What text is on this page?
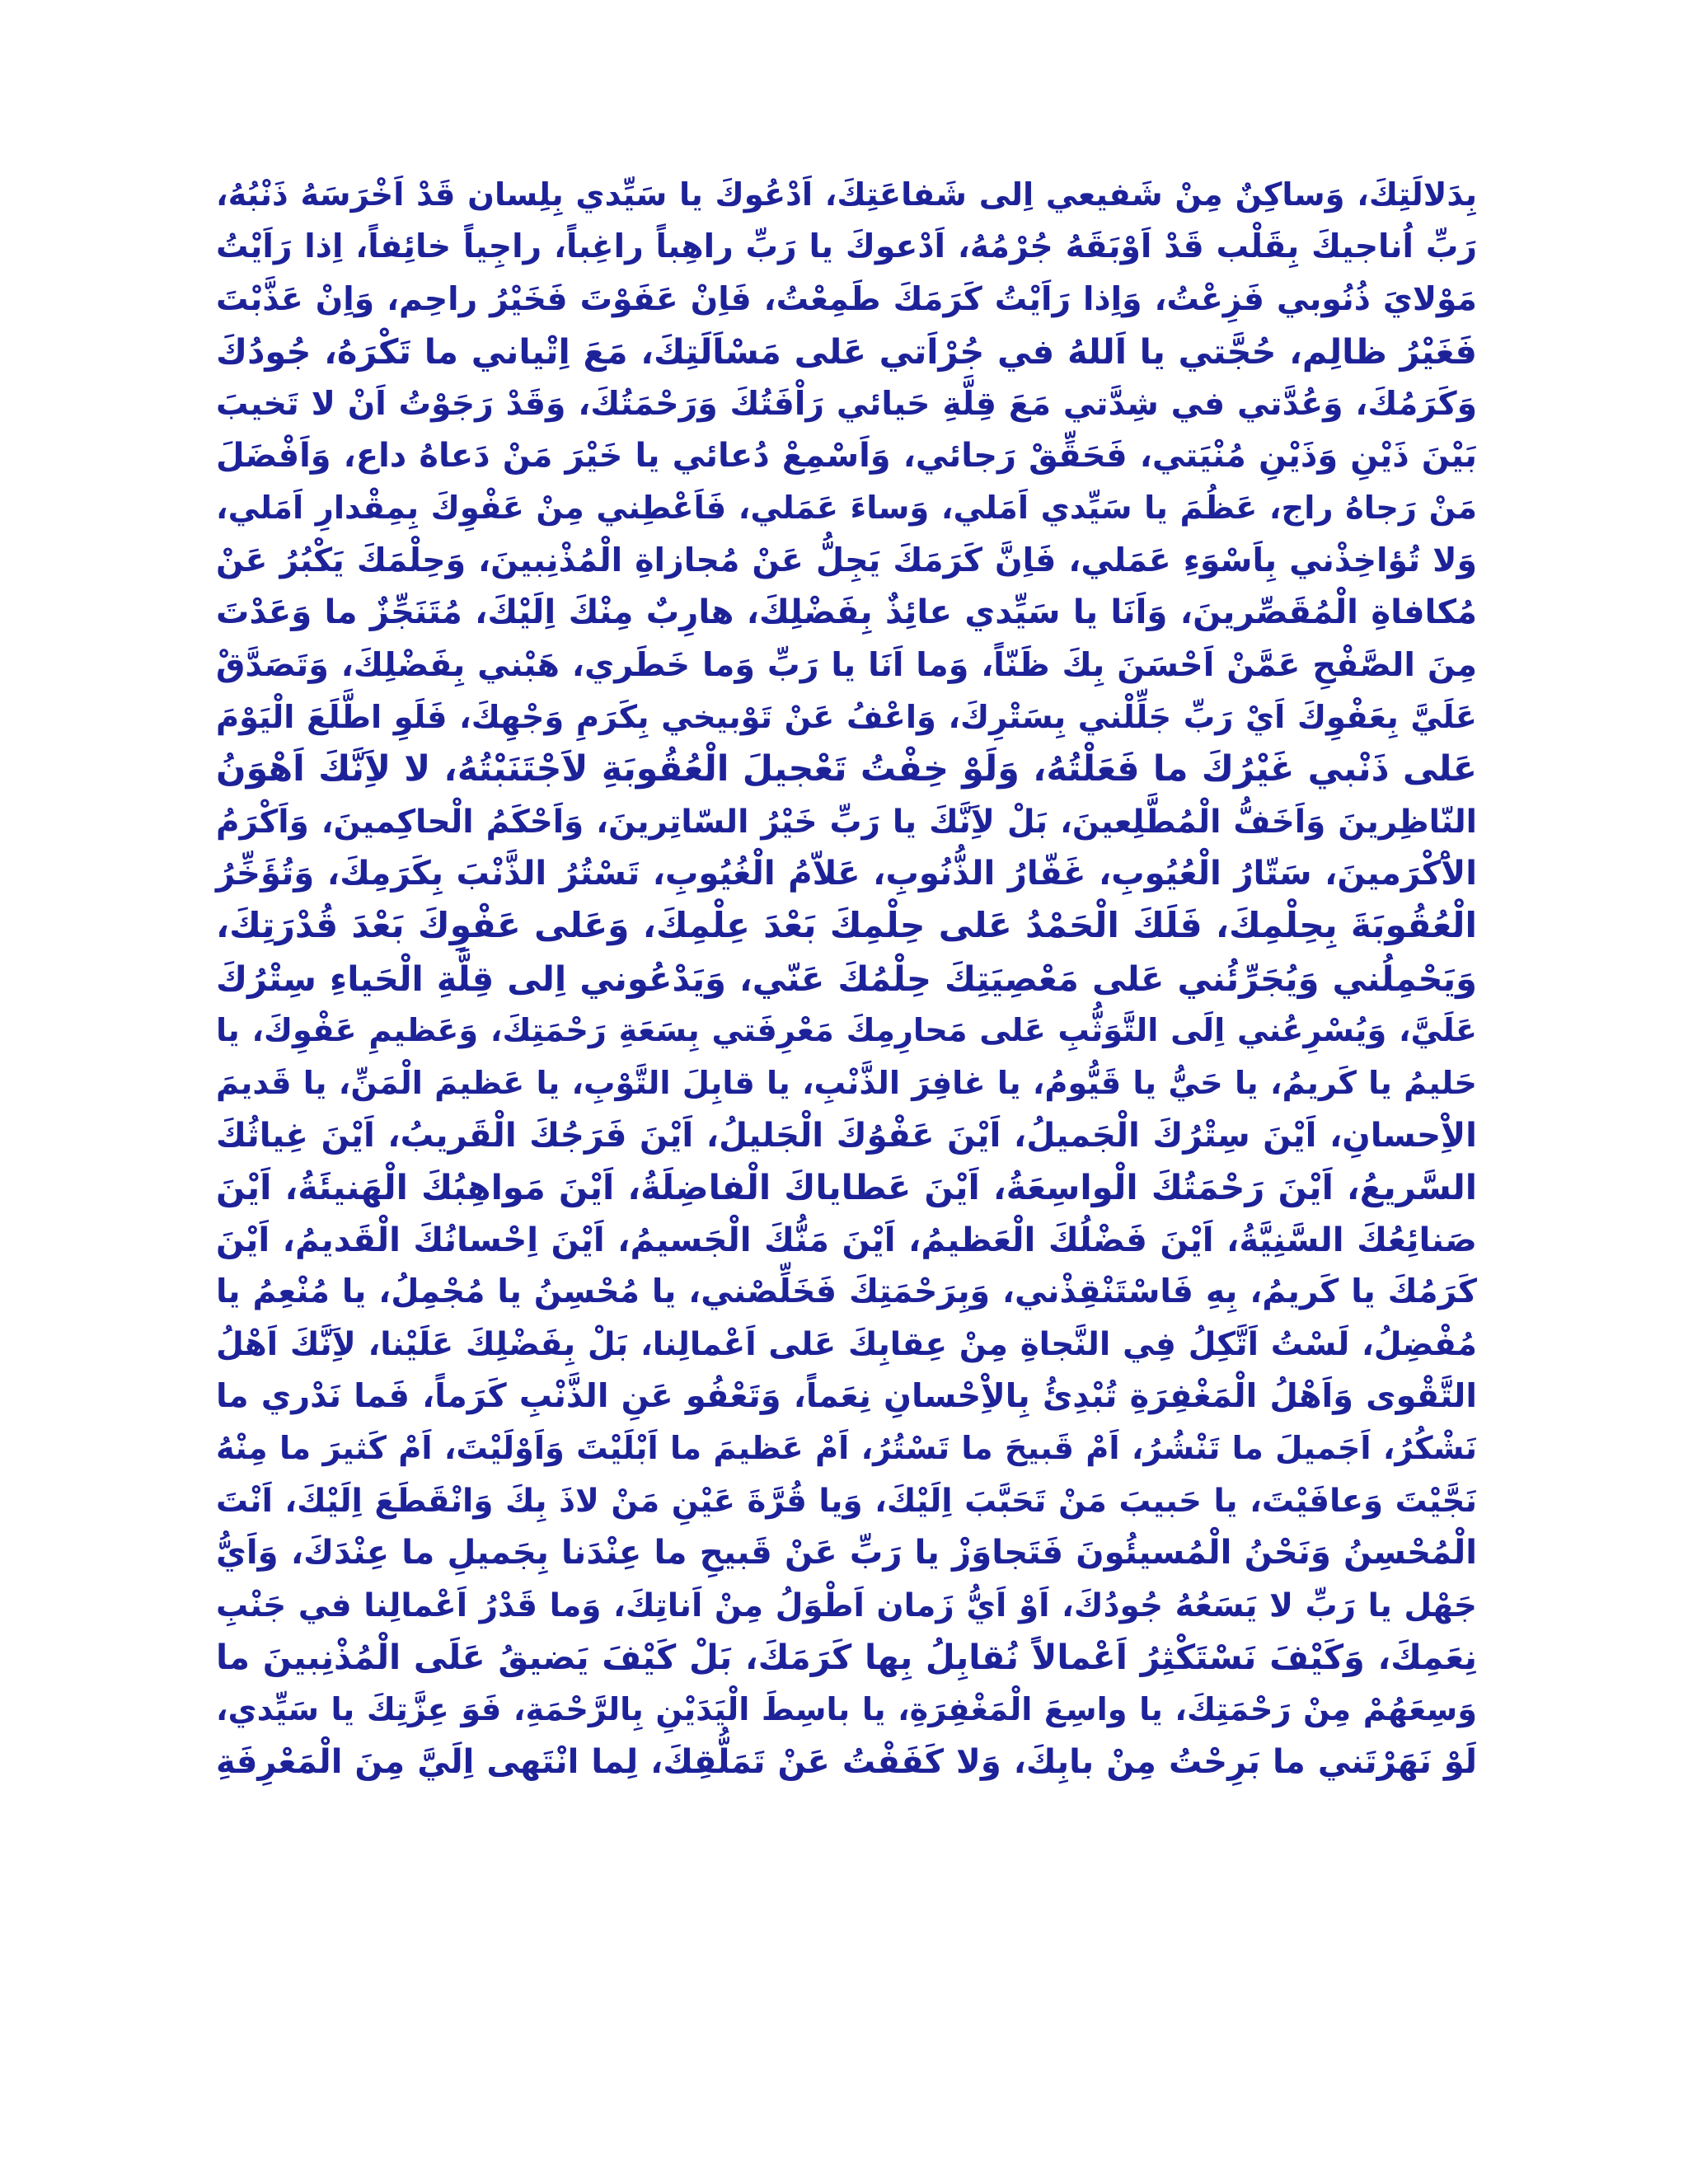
بِدَلالَتِكَ، وَساكِنٌ مِنْ شَفيعي اِلى شَفاعَتِكَ، اَدْعُوكَ يا سَيِّدي بِلِسان قَدْ اَخْرَسَهُ ذَنْبُهُ،
رَبِّ اُناجيكَ بِقَلْب قَدْ اَوْبَقَهُ جُرْمُهُ، اَدْعوكَ يا رَبِّ راهِباً راغِباً، راجِياً خائِفاً، اِذا رَاَيْتُ
مَوْلايَ ذُنُوبي فَزِعْتُ، وَاِذا رَاَيْتُ كَرَمَكَ طَمِعْتُ، فَاِنْ عَفَوْتَ فَخَيْرُ راحِم، وَاِنْ عَذَّبْتَ
فَغَيْرُ ظالِم، حُجَّتي يا اَللهُ في جُرْاَتي عَلى مَسْاَلَتِكَ، مَعَ اِتْياني ما تَكْرَهُ، جُودُكَ
وَكَرَمُكَ، وَعُدَّتي في شِدَّتي مَعَ قِلَّةِ حَيائي رَاْفَتُكَ وَرَحْمَتُكَ، وَقَدْ رَجَوْتُ اَنْ لا تَخيبَ
بَيْنَ ذَيْنِ وَذَيْنِ مُنْيَتي، فَحَقِّقْ رَجائي، وَاَسْمِعْ دُعائي يا خَيْرَ مَنْ دَعاهُ داع، وَاَفْضَلَ
مَنْ رَجاهُ راج، عَظُمَ يا سَيِّدي اَمَلي، وَساءَ عَمَلي، فَاَعْطِني مِنْ عَفْوِكَ بِمِقْدارِ اَمَلي،
وَلا تُؤاخِذْني بِاَسْوَءِ عَمَلي، فَاِنَّ كَرَمَكَ يَجِلُّ عَنْ مُجازاةِ الْمُذْنِبينَ، وَحِلْمَكَ يَكْبُرُ عَنْ
مُكافاةِ الْمُقَصِّرينَ، وَاَنَا يا سَيِّدي عائِذٌ بِفَضْلِكَ، هارِبٌ مِنْكَ اِلَيْكَ، مُتَنَجِّزٌ ما وَعَدْتَ
مِنَ الصَّفْحِ عَمَّنْ اَحْسَنَ بِكَ ظَنّاً، وَما اَنَا يا رَبِّ وَما خَطَري، هَبْني بِفَضْلِكَ، وَتَصَدَّقْ
عَلَيَّ بِعَفْوِكَ اَيْ رَبِّ جَلِّلْني بِسَتْرِكَ، وَاعْفُ عَنْ تَوْبيخي بِكَرَمِ وَجْهِكَ، فَلَوِ اطَّلَعَ الْيَوْمَ
عَلى ذَنْبي غَيْرُكَ ما فَعَلْتُهُ، وَلَوْ خِفْتُ تَعْجيلَ الْعُقُوبَةِ لاَجْتَنَبْتُهُ، لا لاَِنَّكَ اَهْوَنُ
النّاظِرينَ وَاَخَفُّ الْمُطَّلِعينَ، بَلْ لاَِنَّكَ يا رَبِّ خَيْرُ السّاتِرينَ، وَاَحْكَمُ الْحاكِمينَ، وَاَكْرَمُ
الاَْكْرَمينَ، سَتّارُ الْعُيُوبِ، غَفّارُ الذُّنُوبِ، عَلاّمُ الْغُيُوبِ، تَسْتُرُ الذَّنْبَ بِكَرَمِكَ، وَتُؤَخِّرُ
الْعُقُوبَةَ بِحِلْمِكَ، فَلَكَ الْحَمْدُ عَلى حِلْمِكَ بَعْدَ عِلْمِكَ، وَعَلى عَفْوِكَ بَعْدَ قُدْرَتِكَ،
وَيَحْمِلُني وَيُجَرِّئُني عَلى مَعْصِيَتِكَ حِلْمُكَ عَنّي، وَيَدْعُوني اِلى قِلَّةِ الْحَياءِ سِتْرُكَ
عَلَيَّ، وَيُسْرِعُني اِلَى التَّوَثُّبِ عَلى مَحارِمِكَ مَعْرِفَتي بِسَعَةِ رَحْمَتِكَ، وَعَظيمِ عَفْوِكَ، يا
حَليمُ يا كَريمُ، يا حَيُّ يا قَيُّومُ، يا غافِرَ الذَّنْبِ، يا قابِلَ التَّوْبِ، يا عَظيمَ الْمَنِّ، يا قَديمَ
الاِْحسانِ، اَيْنَ سِتْرُكَ الْجَميلُ، اَيْنَ عَفْوُكَ الْجَليلُ، اَيْنَ فَرَجُكَ الْقَريبُ، اَيْنَ غِياثُكَ
السَّريعُ، اَيْنَ رَحْمَتُكَ الْواسِعَةُ، اَيْنَ عَطاياكَ الْفاضِلَةُ، اَيْنَ مَواهِبُكَ الْهَنيئَةُ، اَيْنَ
صَنائِعُكَ السَّنِيَّةُ، اَيْنَ فَضْلُكَ الْعَظيمُ، اَيْنَ مَنُّكَ الْجَسيمُ، اَيْنَ اِحْسانُكَ الْقَديمُ، اَيْنَ
كَرَمُكَ يا كَريمُ، بِهِ فَاسْتَنْقِذْني، وَبِرَحْمَتِكَ فَخَلِّصْني، يا مُحْسِنُ يا مُجْمِلُ، يا مُنْعِمُ يا
مُفْضِلُ، لَسْتُ اَتَّكِلُ فِي النَّجاةِ مِنْ عِقابِكَ عَلى اَعْمالِنا، بَلْ بِفَضْلِكَ عَلَيْنا، لاَِنَّكَ اَهْلُ
التَّقْوى وَاَهْلُ الْمَغْفِرَةِ تُبْدِئُ بِالاِْحْسانِ نِعَماً، وَتَعْفُو عَنِ الذَّنْبِ كَرَماً، فَما نَدْري ما
نَشْكُرُ، اَجَميلَ ما تَنْشُرُ، اَمْ قَبيحَ ما تَسْتُرُ، اَمْ عَظيمَ ما اَبْلَيْتَ وَاَوْلَيْتَ، اَمْ كَثيرَ ما مِنْهُ
نَجَّيْتَ وَعافَيْتَ، يا حَبيبَ مَنْ تَحَبَّبَ اِلَيْكَ، وَيا قُرَّةَ عَيْنِ مَنْ لاذَ بِكَ وَانْقَطَعَ اِلَيْكَ، اَنْتَ
الْمُحْسِنُ وَنَحْنُ الْمُسيئُونَ فَتَجاوَزْ يا رَبِّ عَنْ قَبيحِ ما عِنْدَنا بِجَميلِ ما عِنْدَكَ، وَاَيُّ
جَهْل يا رَبِّ لا يَسَعُهُ جُودُكَ، اَوْ اَيُّ زَمان اَطْوَلُ مِنْ اَناتِكَ، وَما قَدْرُ اَعْمالِنا في جَنْبِ
نِعَمِكَ، وَكَيْفَ نَسْتَكْثِرُ اَعْمالاً نُقابِلُ بِها كَرَمَكَ، بَلْ كَيْفَ يَضيقُ عَلَى الْمُذْنِبينَ ما
وَسِعَهُمْ مِنْ رَحْمَتِكَ، يا واسِعَ الْمَغْفِرَةِ، يا باسِطَ الْيَدَيْنِ بِالرَّحْمَةِ، فَوَ عِزَّتِكَ يا سَيِّدي،
لَوْ نَهَرْتَني ما بَرِحْتُ مِنْ بابِكَ، وَلا كَفَفْتُ عَنْ تَمَلُّقِكَ، لِما انْتَهى اِلَيَّ مِنَ الْمَعْرِفَةِ
